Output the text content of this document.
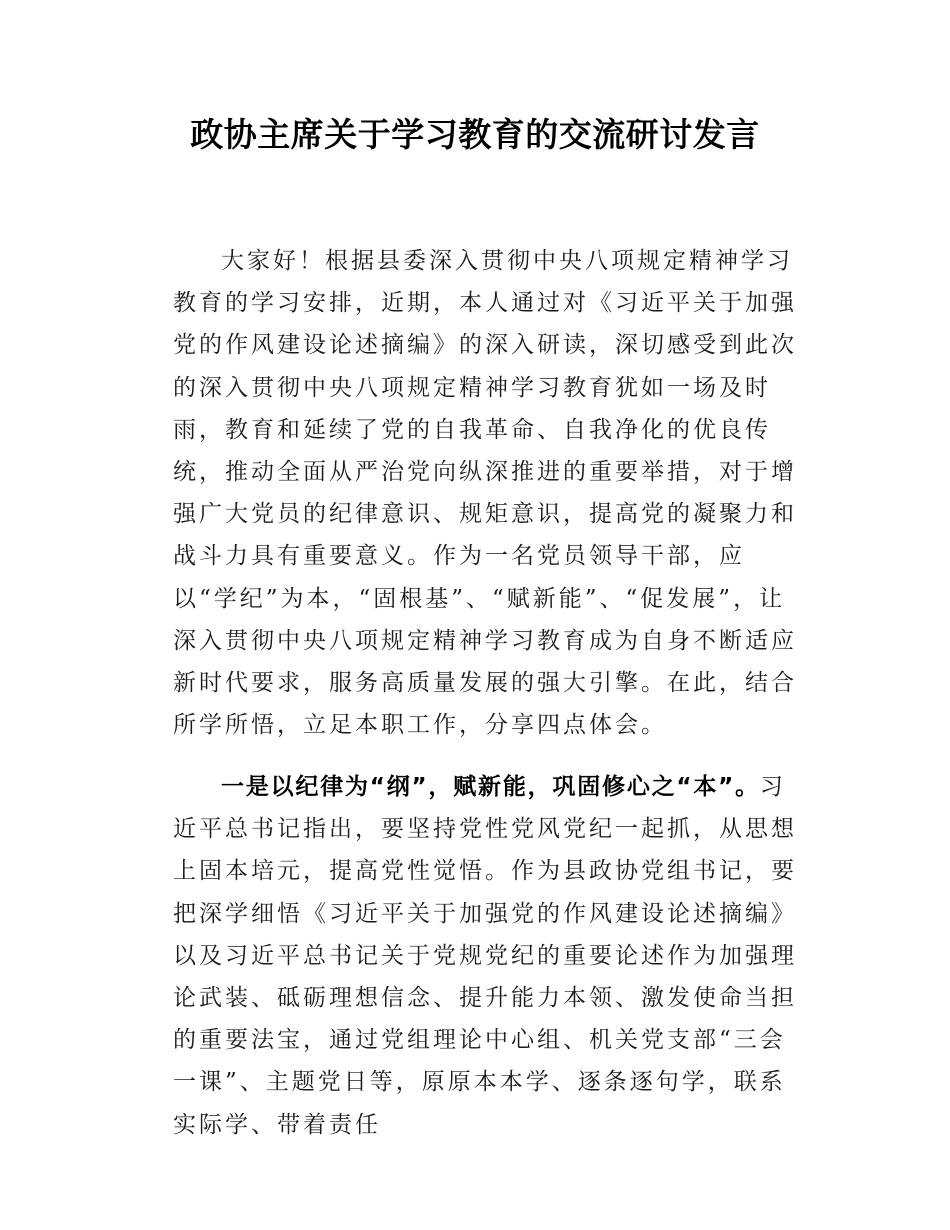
政协主席关于学习教育的交流研讨发言

大家好！根据县委深入贯彻中央八项规定精神学习教育的学习安排，近期，本人通过对《习近平关于加强党的作风建设论述摘编》的深入研读，深切感受到此次的深入贯彻中央八项规定精神学习教育犹如一场及时雨，教育和延续了党的自我革命、自我净化的优良传统，推动全面从严治党向纵深推进的重要举措，对于增强广大党员的纪律意识、规矩意识，提高党的凝聚力和战斗力具有重要意义。作为一名党员领导干部，应以“学纪”为本，“固根基”、“赋新能”、“促发展”，让深入贯彻中央八项规定精神学习教育成为自身不断适应新时代要求，服务高质量发展的强大引擎。在此，结合所学所悟，立足本职工作，分享四点体会。

一是以纪律为“纲”，赋新能，巩固修心之“本”。习近平总书记指出，要坚持党性党风党纪一起抓，从思想上固本培元，提高党性觉悟。作为县政协党组书记，要把深学细悟《习近平关于加强党的作风建设论述摘编》以及习近平总书记关于党规党纪的重要论述作为加强理论武装、砥砺理想信念、提升能力本领、激发使命当担的重要法宝，通过党组理论中心组、机关党支部“三会一课”、主题党日等，原原本本学、逐条逐句学，联系实际学、带着责任
